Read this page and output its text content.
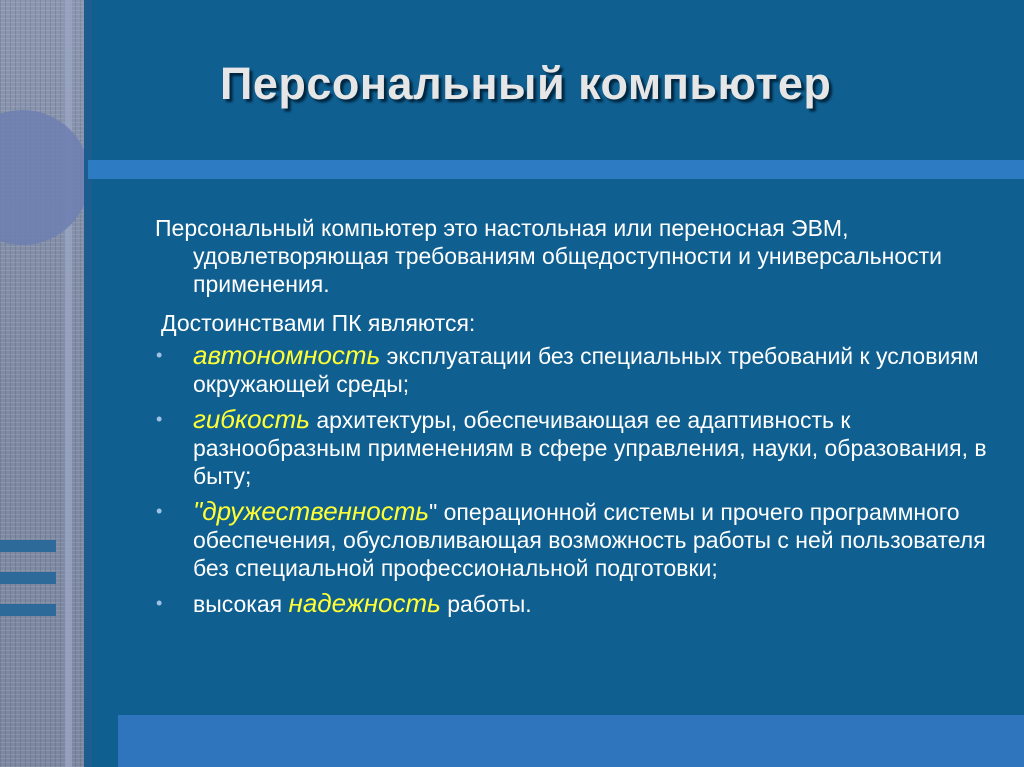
Персональный компьютер

Персональный компьютер это настольная или переносная ЭВМ, удовлетворяющая требованиям общедоступности и универсальности применения.

Достоинствами ПК являются:

• автономность эксплуатации без специальных требований к условиям окружающей среды;
• гибкость архитектуры, обеспечивающая ее адаптивность к разнообразным применениям в сфере управления, науки, образования, в быту;
• "дружественность" операционной системы и прочего программного обеспечения, обусловливающая возможность работы с ней пользователя без специальной профессиональной подготовки;
• высокая надежность работы.
